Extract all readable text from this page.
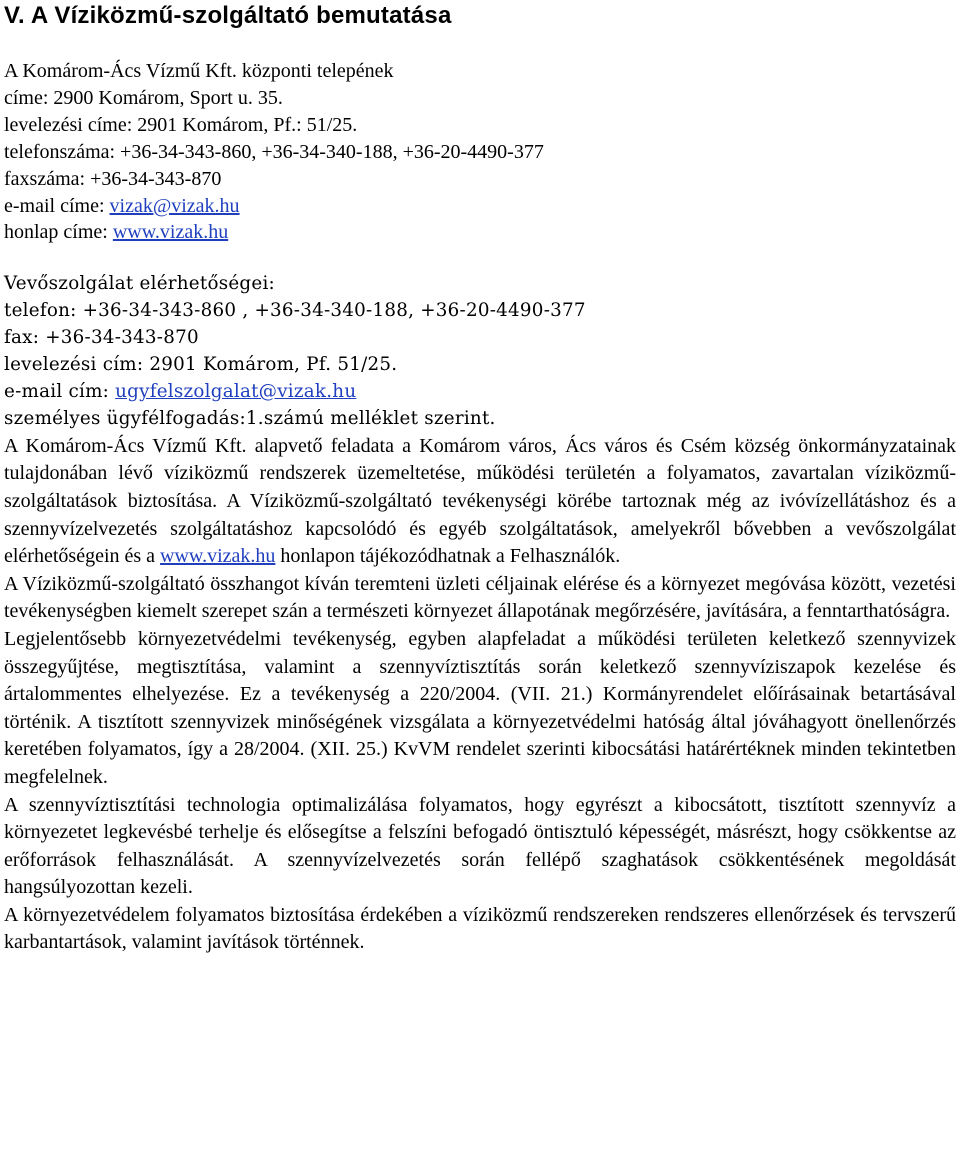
V. A Víziközmű-szolgáltató bemutatása
A Komárom-Ács Vízmű Kft. központi telepének
címe: 2900 Komárom, Sport u. 35.
levelezési címe: 2901 Komárom, Pf.: 51/25.
telefonszáma: +36-34-343-860, +36-34-340-188, +36-20-4490-377
faxszáma: +36-34-343-870
e-mail címe: vizak@vizak.hu
honlap címe: www.vizak.hu
Vevőszolgálat elérhetőségei:
telefon: +36-34-343-860 , +36-34-340-188, +36-20-4490-377
fax: +36-34-343-870
levelezési cím: 2901 Komárom, Pf. 51/25.
e-mail cím: ugyfelszolgalat@vizak.hu
személyes ügyfélfogadás:1.számú melléklet szerint.

A Komárom-Ács Vízmű Kft. alapvető feladata a Komárom város, Ács város és Csém község önkormányzatainak tulajdonában lévő víziközmű rendszerek üzemeltetése, működési területén a folyamatos, zavartalan víziközmű-szolgáltatások biztosítása. A Víziközmű-szolgáltató tevékenységi körébe tartoznak még az ivóvízellátáshoz és a szennyvízelvezetés szolgáltatáshoz kapcsolódó és egyéb szolgáltatások, amelyekről bővebben a vevőszolgálat elérhetőségein és a www.vizak.hu honlapon tájékozódhatnak a Felhasználók.

A Víziközmű-szolgáltató összhangot kíván teremteni üzleti céljainak elérése és a környezet megóvása között, vezetési tevékenységben kiemelt szerepet szán a természeti környezet állapotának megőrzésére, javítására, a fenntarthatóságra.

Legjelentősebb környezetvédelmi tevékenység, egyben alapfeladat a működési területen keletkező szennyvizek összegyűjtése, megtisztítása, valamint a szennyvíztisztítás során keletkező szennyvíziszapok kezelése és ártalommentes elhelyezése. Ez a tevékenység a 220/2004. (VII. 21.) Kormányrendelet előírásainak betartásával történik. A tisztított szennyvizek minőségének vizsgálata a környezetvédelmi hatóság által jóváhagyott önellenőrzés keretében folyamatos, így a 28/2004. (XII. 25.) KvVM rendelet szerinti kibocsátási határértéknek minden tekintetben megfelelnek.

A szennyvíztisztítási technologia optimalizálása folyamatos, hogy egyrészt a kibocsátott, tisztított szennyvíz a környezetet legkevésbé terhelje és elősegítse a felszíni befogadó öntisztuló képességét, másrészt, hogy csökkentse az erőforrások felhasználását. A szennyvízelvezetés során fellépő szaghatások csökkentésének megoldását hangsúlyozottan kezeli.

A környezetvédelem folyamatos biztosítása érdekében a víziközmű rendszereken rendszeres ellenőrzések és tervszerű karbantartások, valamint javítások történnek.
